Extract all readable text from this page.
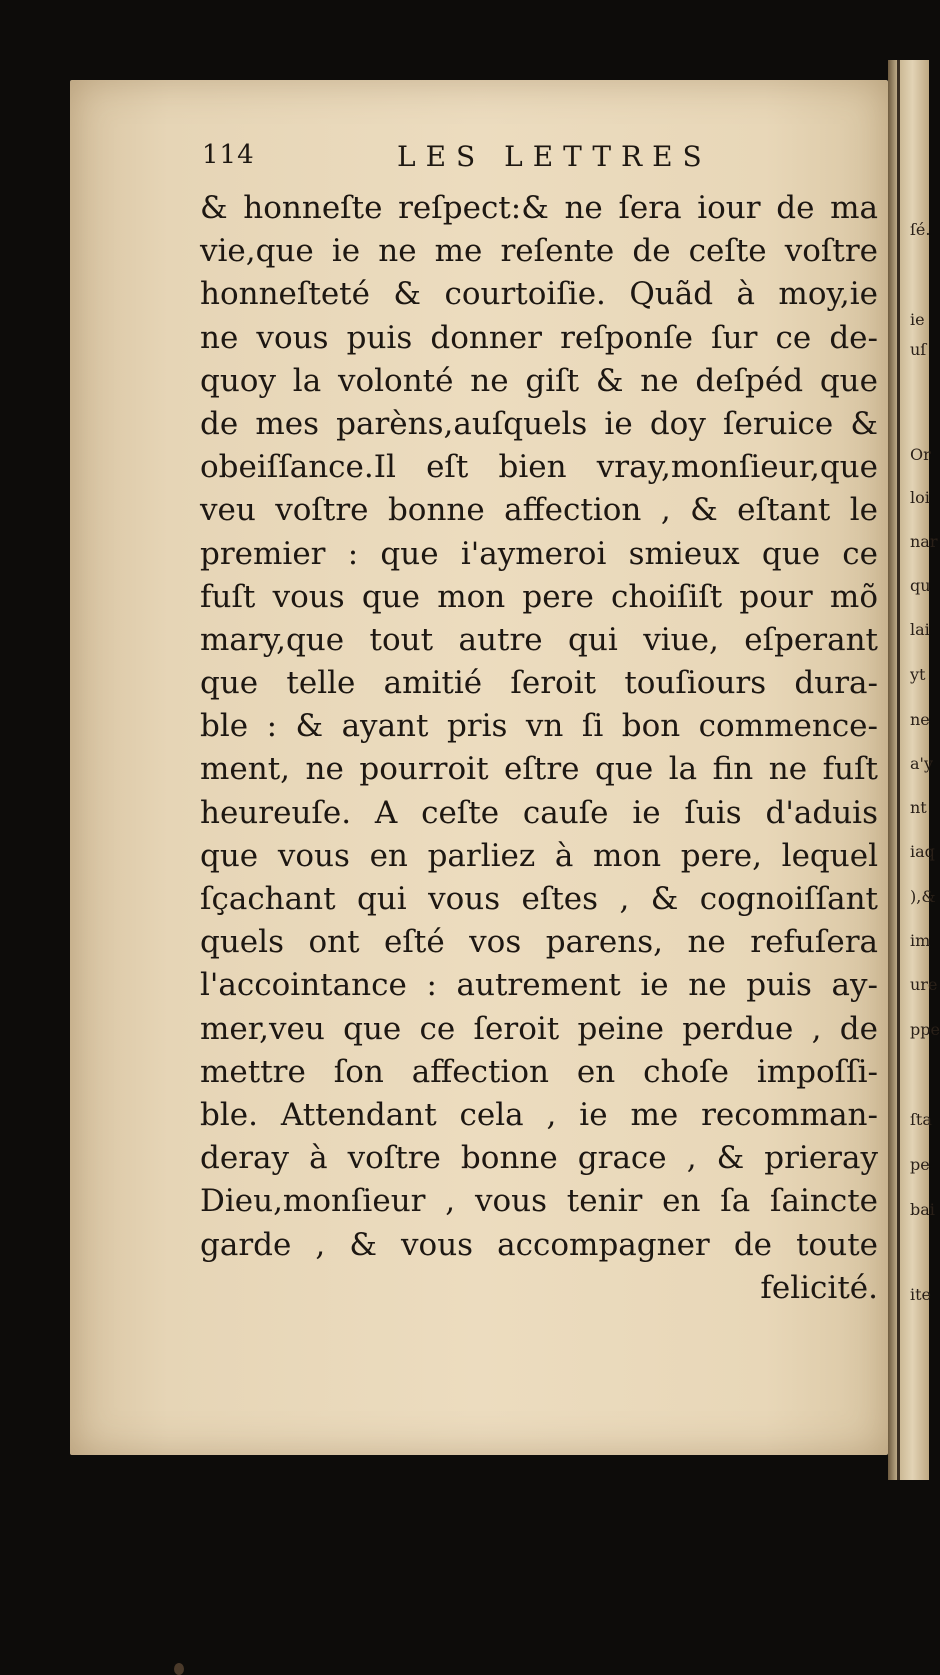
ſé.
ie
uſ
Or
loi
nar
qu
lai
yt
ne
a'y
nt
iaq
),&
im
ure
ppe
ſta
pe
bai
ite
114	LES LETTRES
& honneſte reſpect:& ne ſera iour de ma
vie,que ie ne me reſente de ceſte voſtre
honneſteté & courtoiſie. Quãd à moy,ie
ne vous puis donner reſponſe ſur ce de-
quoy la volonté ne giſt & ne deſpéd que
de mes parèns,auſquels ie doy ſeruice &
obeiſſance.Il eſt bien vray,monſieur,que
veu voſtre bonne affection , & eſtant le
premier : que i'aymeroi smieux que ce
fuſt vous que mon pere choiſiſt pour mõ
mary,que tout autre qui viue, eſperant
que telle amitié ſeroit touſiours dura-
ble : & ayant pris vn ſi bon commence-
ment, ne pourroit eſtre que la fin ne fuſt
heureuſe. A ceſte cauſe ie ſuis d'aduis
que vous en parliez à mon pere, lequel
ſçachant qui vous eſtes , & cognoiſſant
quels ont eſté vos parens, ne refuſera
l'accointance : autrement ie ne puis ay-
mer,veu que ce ſeroit peine perdue , de
mettre ſon affection en choſe impoſſi-
ble. Attendant cela , ie me recomman-
deray à voſtre bonne grace , & prieray
Dieu,monſieur , vous tenir en ſa ſaincte
garde , & vous accompagner de toute
felicité.
